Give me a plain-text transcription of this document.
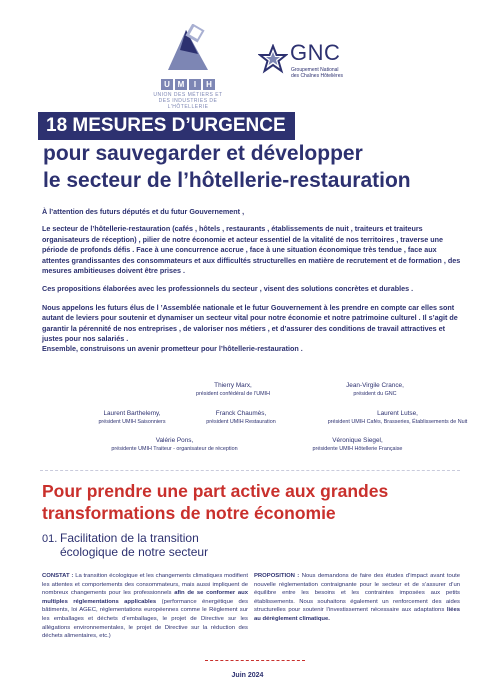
U M	I	H
UNION DES MÉTIERS ET
DES INDUSTRIES DE L'HÔTELLERIE
GNC
Groupement National
des Chaînes Hôtelières
18 MESURES D’URGENCE
pour sauvegarder et développer
le secteur de l’hôtellerie-restauration

À l’attention des futurs députés et du futur Gouvernement ,

Le secteur de l’hôtellerie-restauration (cafés , hôtels , restaurants , établissements de nuit , traiteurs et traiteurs organisateurs de réception) , pilier de notre économie et acteur essentiel de la vitalité de nos territoires , traverse une période de profonds défis . Face à une concurrence accrue , face à une situation économique très tendue , face aux attentes grandissantes des consommateurs et aux difficultés structurelles en matière de recrutement et de formation , des mesures ambitieuses doivent être prises .

Ces propositions élaborées avec les professionnels du secteur , visent des solutions concrètes et durables .

Nous appelons les futurs élus de l ’Assemblée nationale et le futur Gouvernement à les prendre en compte car elles sont autant de leviers pour soutenir et dynamiser un secteur vital pour notre économie et notre patrimoine culturel . Il s’agit de garantir la pérennité de nos entreprises , de valoriser nos métiers , et d’assurer des conditions de travail attractives et justes pour nos salariés .
Ensemble, construisons un avenir prometteur pour l’hôtellerie-restauration .

Thierry Marx,
président confédéral de l’UMIH
Jean-Virgile Crance,
président du GNC
Laurent Barthelemy,
président UMIH Saisonniers
Franck Chaumès,
président UMIH Restauration
Laurent Lutse,
président UMIH Cafés, Brasseries, Établissements de Nuit
Valérie Pons,
présidente UMIH Traiteur - organisateur de réception
Véronique Siegel,
présidente UMIH Hôtellerie Française
Pour prendre une part active aux grandes
transformations de notre économie
01. Facilitation de la transition
écologique de notre secteur
CONSTAT : La transition écologique et les changements climatiques modifient les attentes et comportements des consommateurs, mais aussi impliquent de nombreux changements pour les professionnels afin de se conformer aux multiples réglementations applicables (performance énergétique des bâtiments, loi AGEC, réglementations européennes comme le Règlement sur les emballages et déchets d’emballages, le projet de Directive sur les allégations environnementales, le projet de Directive sur la réduction des déchets alimentaires, etc.)
PROPOSITION : Nous demandons de faire des études d’impact avant toute nouvelle réglementation contraignante pour le secteur et de s’assurer d’un équilibre entre les besoins et les contraintes imposées aux petits établissements. Nous souhaitons également un renforcement des aides structurelles pour soutenir l’investissement nécessaire aux adaptations liées au dérèglement climatique.
Juin 2024
